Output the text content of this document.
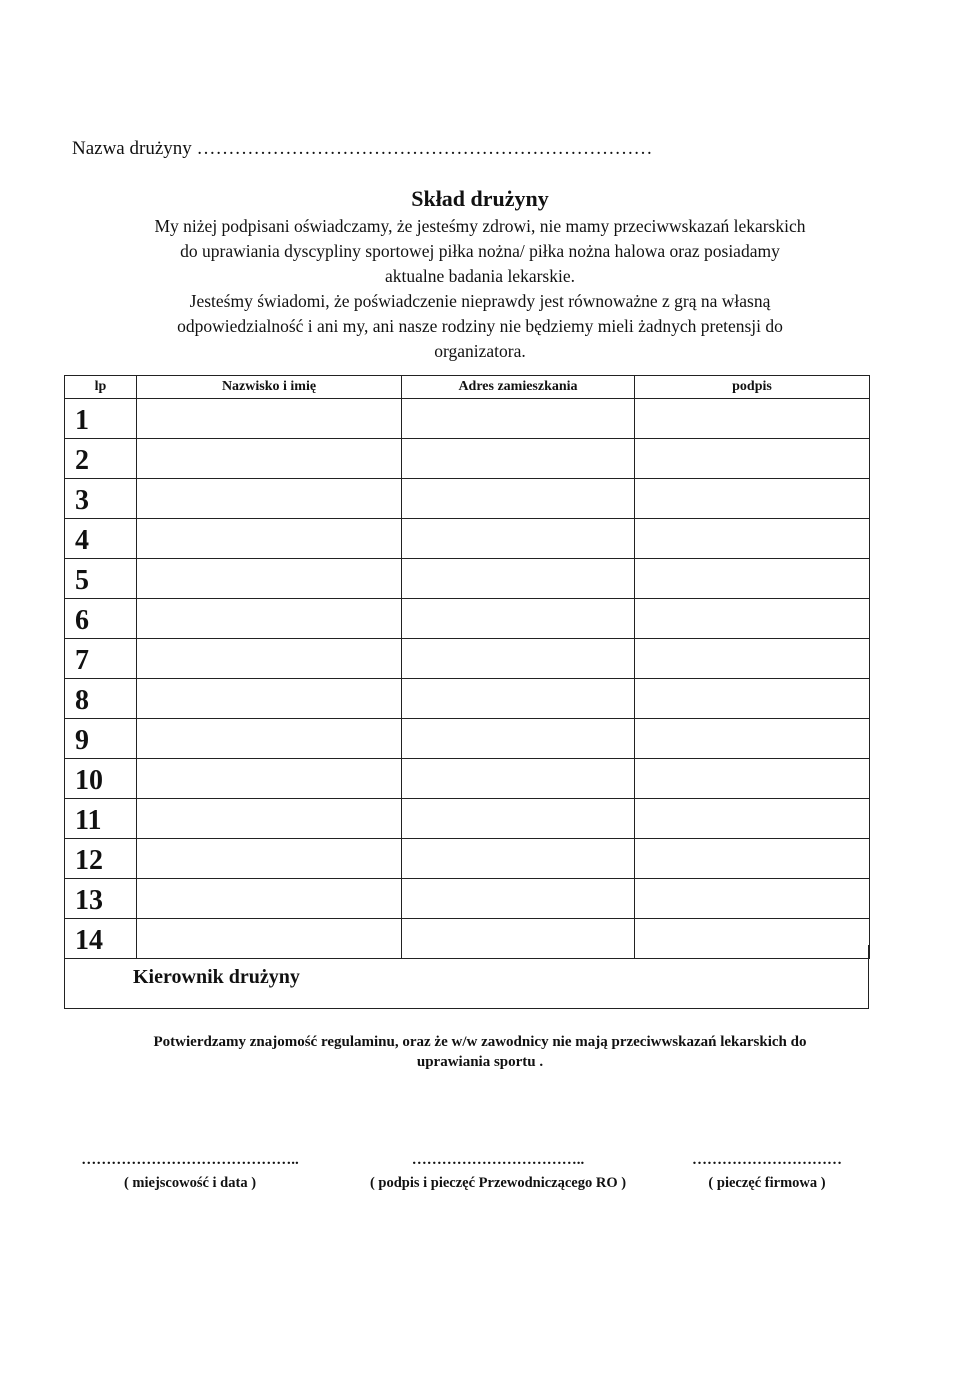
Nazwa drużyny ………………………………………………………………
Skład drużyny

My niżej podpisani oświadczamy, że jesteśmy zdrowi, nie mamy przeciwwskazań lekarskich

do uprawiania dyscypliny sportowej piłka nożna/ piłka nożna halowa oraz posiadamy

aktualne badania lekarskie.

Jesteśmy świadomi, że poświadczenie nieprawdy jest równoważne z grą na własną

odpowiedzialność i ani my, ani nasze rodziny nie będziemy mieli żadnych pretensji do

organizatora.

lp	Nazwisko i imię	Adres zamieszkania	podpis
1			
2			
3			
4			
5			
6			
7			
8			
9			
10			
11			
12			
13			
14			
Kierownik drużyny
Potwierdzamy znajomość regulaminu, oraz że w/w zawodnicy nie mają przeciwwskazań lekarskich do
uprawiania sportu .
……………………………………..
( miejscowość i data )
……………………………..
( podpis i pieczęć Przewodniczącego RO )
…………………………
( pieczęć firmowa )
